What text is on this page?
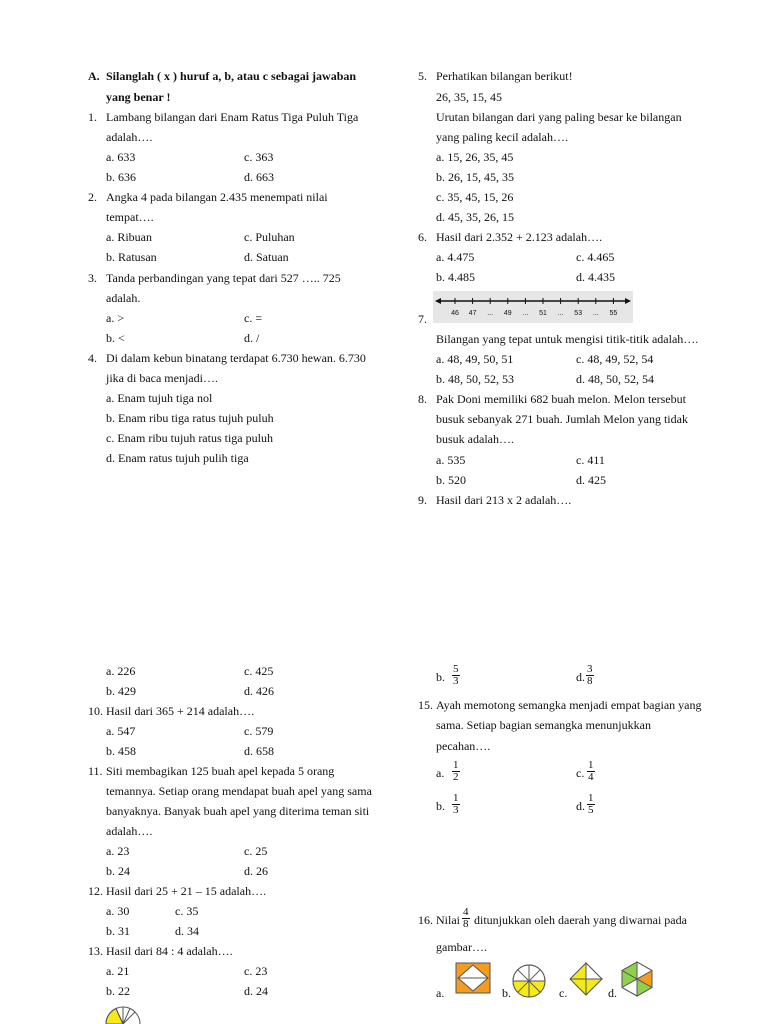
A. Silanglah ( x ) huruf a, b, atau c sebagai jawaban
yang benar !
1. Lambang bilangan dari Enam Ratus Tiga Puluh Tiga
adalah….
a. 633	c. 363
b. 636	d. 663
2. Angka 4 pada bilangan 2.435 menempati nilai
tempat….
a. Ribuan	c. Puluhan
b. Ratusan	d. Satuan
3. Tanda perbandingan yang tepat dari 527 ….. 725
adalah.
a. >	c. =
b. <	d. /
4. Di dalam kebun binatang terdapat 6.730 hewan. 6.730
jika di baca menjadi….
a. Enam tujuh tiga nol
b. Enam ribu tiga ratus tujuh puluh
c. Enam ribu tujuh ratus tiga puluh
d. Enam ratus tujuh pulih tiga
a. 226	c. 425
b. 429	d. 426
10. Hasil dari 365 + 214 adalah….
a. 547	c. 579
b. 458	d. 658
11. Siti membagikan 125 buah apel kepada 5 orang
temannya. Setiap orang mendapat buah apel yang sama
banyaknya. Banyak buah apel yang diterima teman siti
adalah….
a. 23	c. 25
b. 24	d. 26
12. Hasil dari 25 + 21 – 15 adalah….
a. 30	c. 35
b. 31	d. 34
13. Hasil dari 84 : 4 adalah….
a. 21	c. 23
b. 22	d. 24
5. Perhatikan bilangan berikut!
26, 35, 15, 45
Urutan bilangan dari yang paling besar ke bilangan
yang paling kecil adalah….
a. 15, 26, 35, 45
b. 26, 15, 45, 35
c. 35, 45, 15, 26
d. 45, 35, 26, 15
6. Hasil dari 2.352 + 2.123 adalah….
a. 4.475	c. 4.465
b. 4.485	d. 4.435
46 47 ... 49 ... 51 ... 53 ... 55
7.
Bilangan yang tepat untuk mengisi titik-titik adalah….
a. 48, 49, 50, 51	c. 48, 49, 52, 54
b. 48, 50, 52, 53	d. 48, 50, 52, 54
8. Pak Doni memiliki 682 buah melon. Melon tersebut
busuk sebanyak 271 buah. Jumlah Melon yang tidak
busuk adalah….
a. 535	c. 411
b. 520	d. 425
9. Hasil dari 213 x 2 adalah….
b. $\frac{5}{3}$	d. $\frac{3}{8}$
15. Ayah memotong semangka menjadi empat bagian yang
sama. Setiap bagian semangka menunjukkan
pecahan….
a. $\frac{1}{2}$	c. $\frac{1}{4}$
b. $\frac{1}{3}$	d. $\frac{1}{5}$
16. Nilai $\frac{4}{8}$ ditunjukkan oleh daerah yang diwarnai pada
gambar….
a.	b.	c.	d.
